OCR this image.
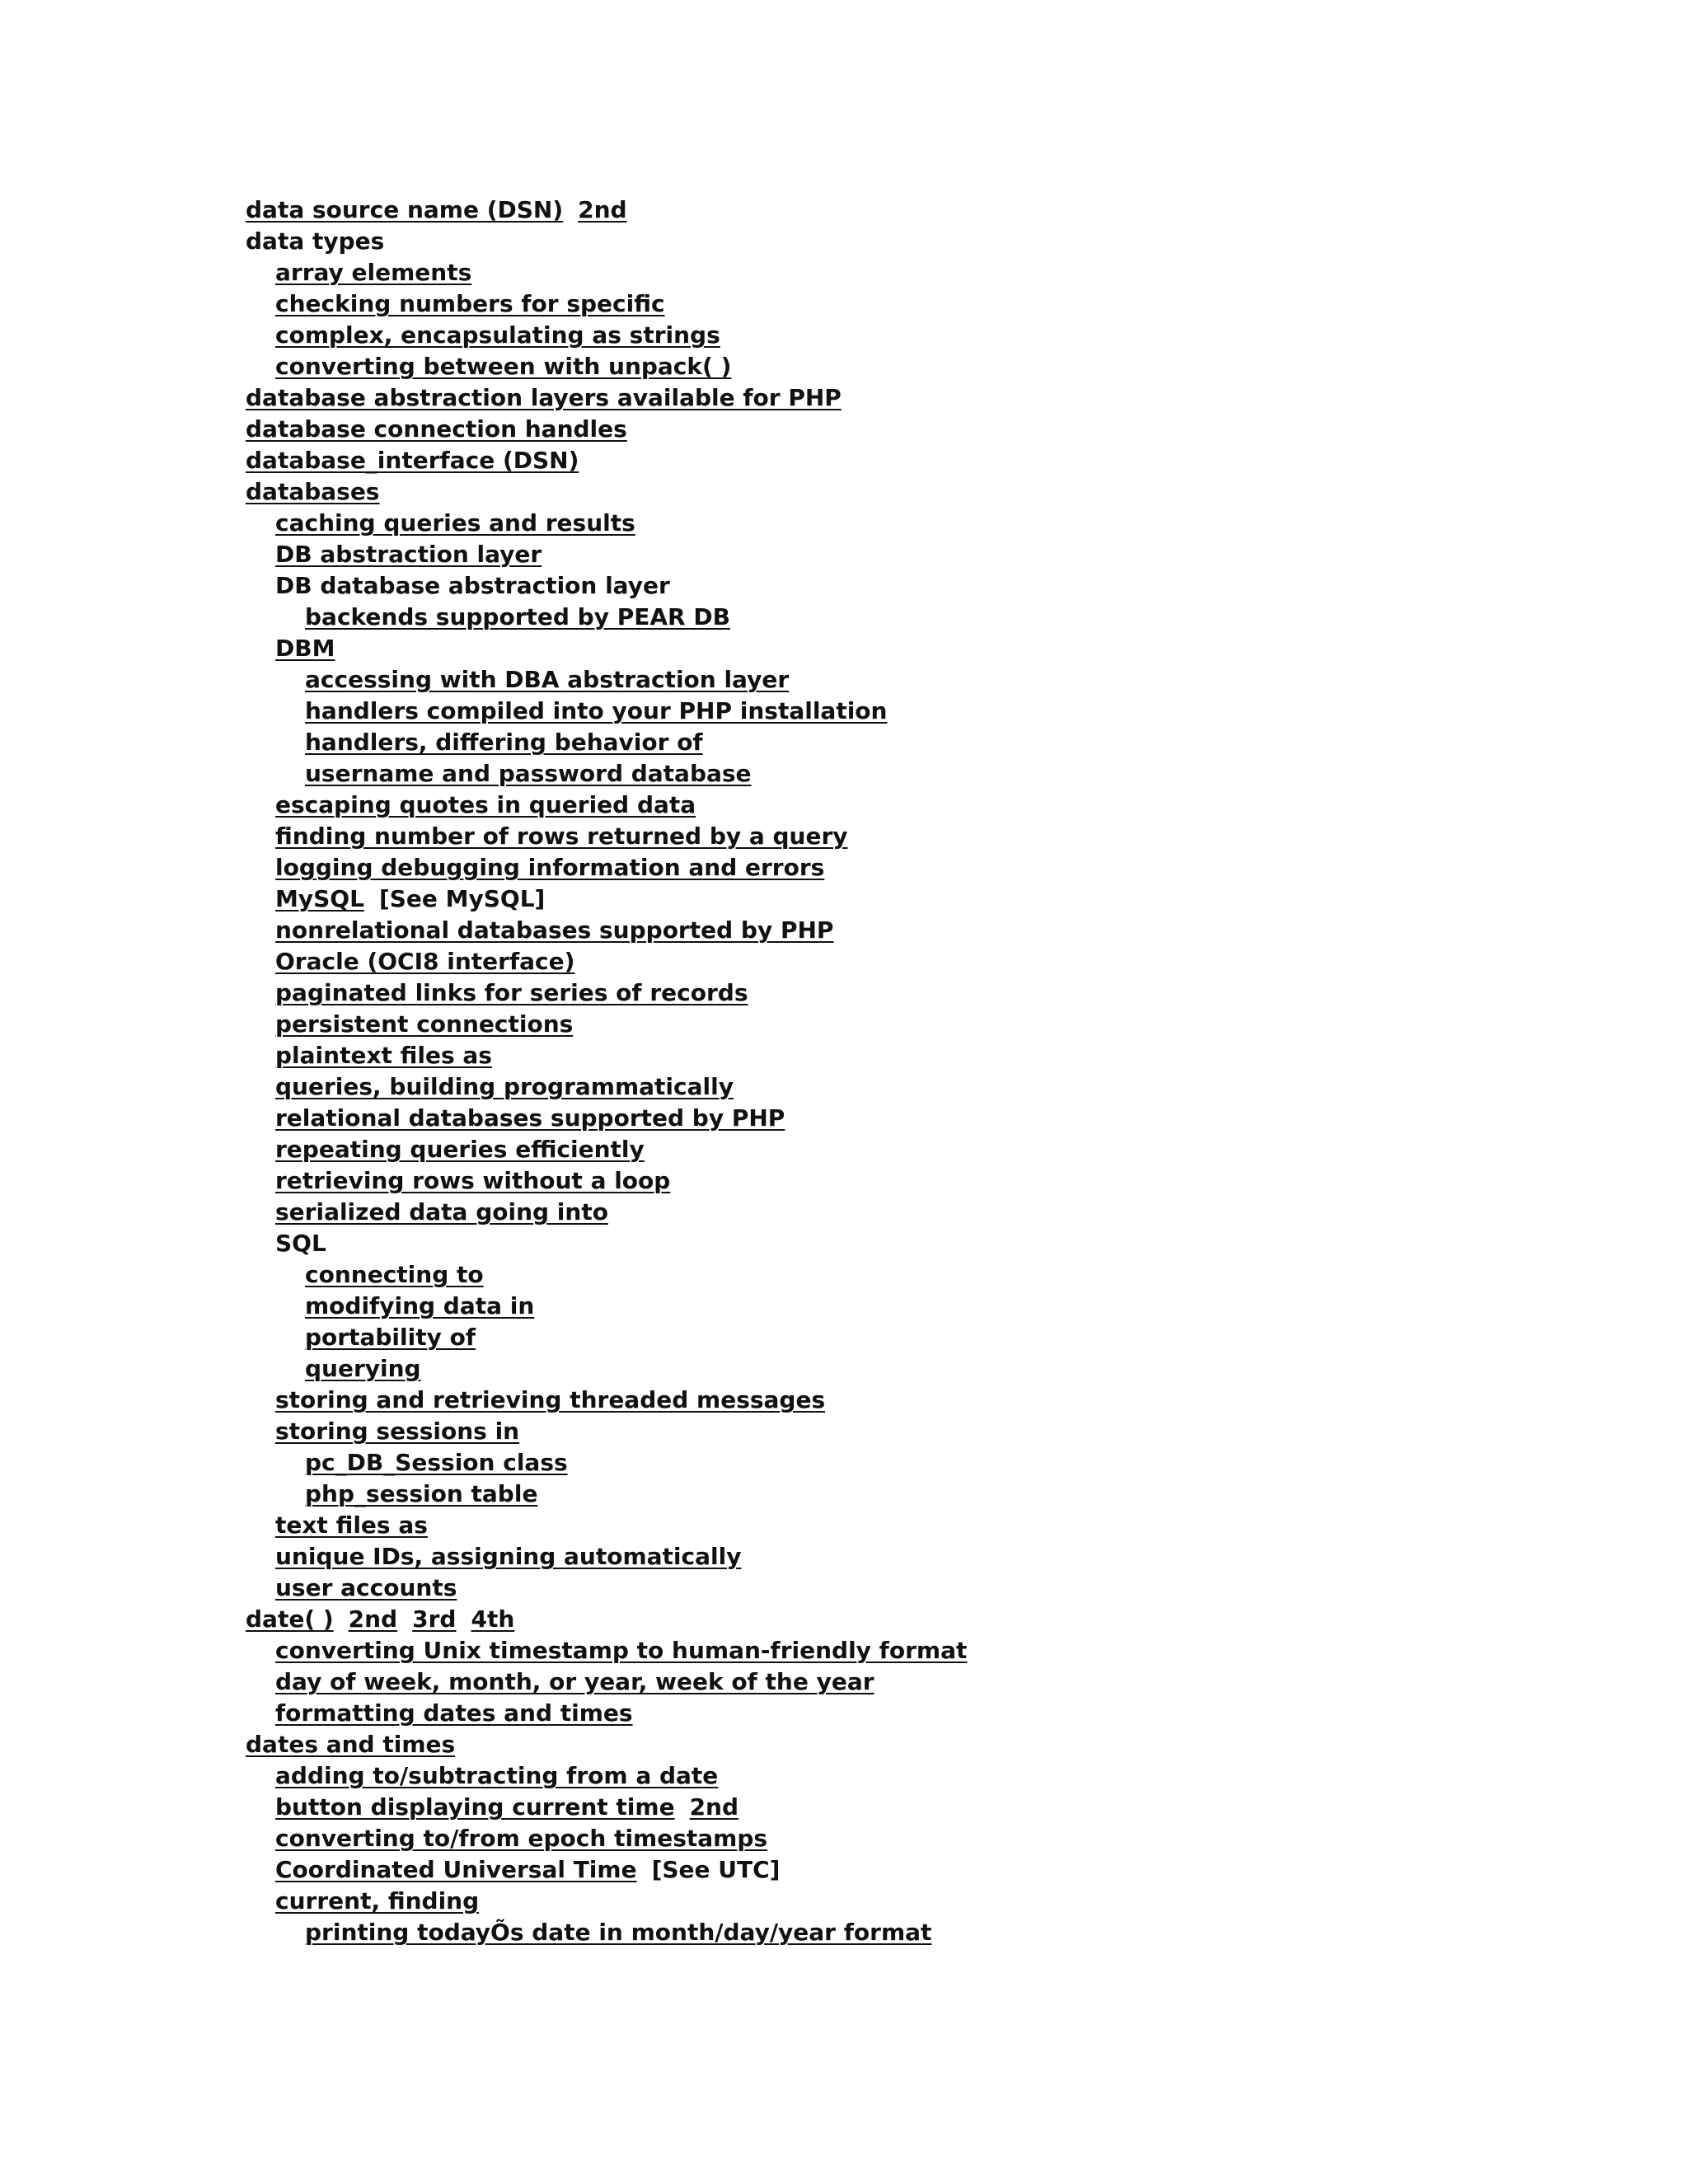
data source name (DSN) 2nd
data types
array elements
checking numbers for specific
complex, encapsulating as strings
converting between with unpack( )
database abstraction layers available for PHP
database connection handles
database_interface (DSN)
databases
caching queries and results
DB abstraction layer
DB database abstraction layer
backends supported by PEAR DB
DBM
accessing with DBA abstraction layer
handlers compiled into your PHP installation
handlers, differing behavior of
username and password database
escaping quotes in queried data
finding number of rows returned by a query
logging debugging information and errors
MySQL [See MySQL]
nonrelational databases supported by PHP
Oracle (OCI8 interface)
paginated links for series of records
persistent connections
plaintext files as
queries, building programmatically
relational databases supported by PHP
repeating queries efficiently
retrieving rows without a loop
serialized data going into
SQL
connecting to
modifying data in
portability of
querying
storing and retrieving threaded messages
storing sessions in
pc_DB_Session class
php_session table
text files as
unique IDs, assigning automatically
user accounts
date( ) 2nd 3rd 4th
converting Unix timestamp to human-friendly format
day of week, month, or year, week of the year
formatting dates and times
dates and times
adding to/subtracting from a date
button displaying current time 2nd
converting to/from epoch timestamps
Coordinated Universal Time [See UTC]
current, finding
printing todayÕs date in month/day/year format
